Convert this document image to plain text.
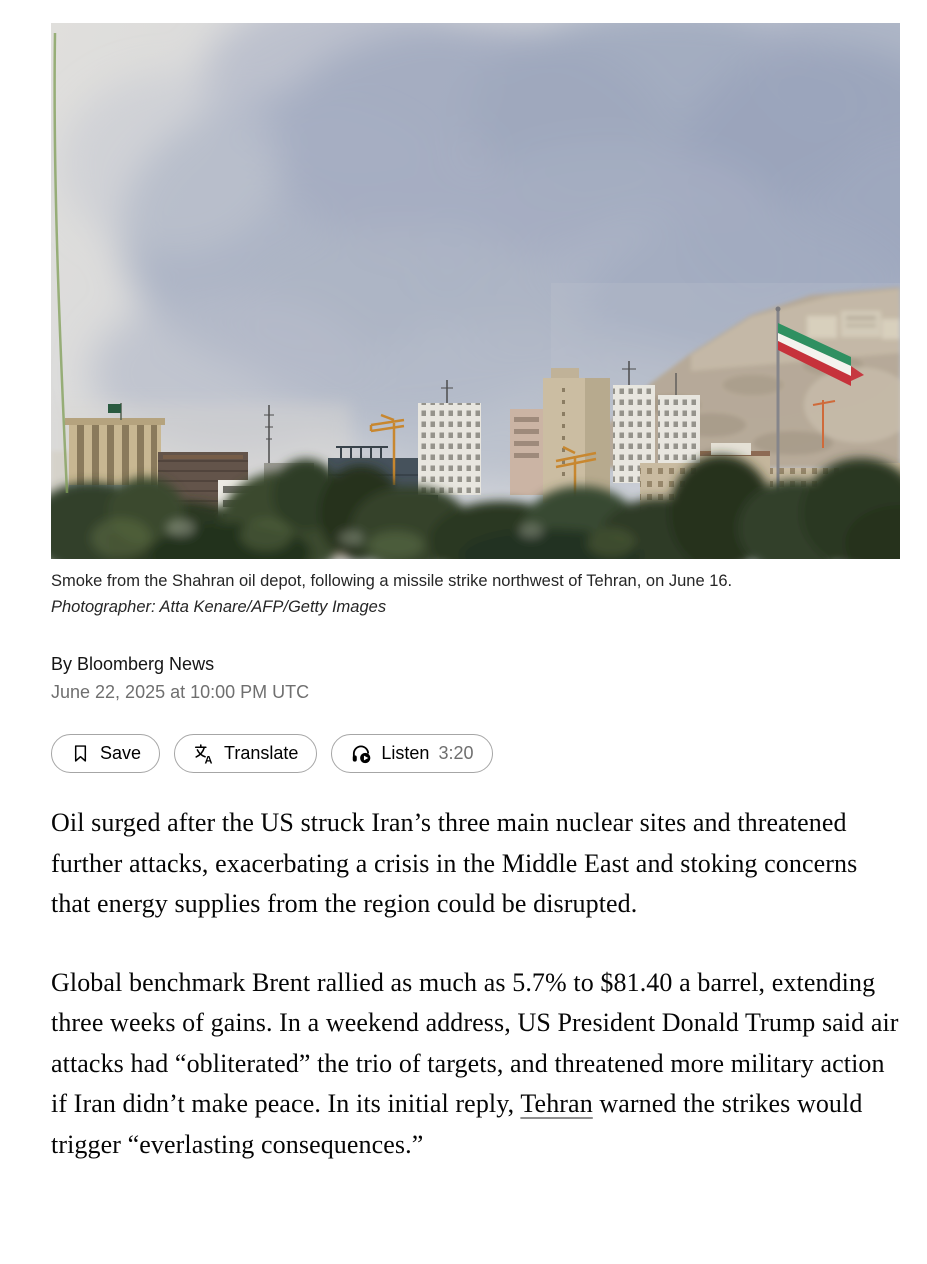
Smoke from the Shahran oil depot, following a missile strike northwest of Tehran, on June 16. Photographer: Atta Kenare/AFP/Getty Images
By Bloomberg News
June 22, 2025 at 10:00 PM UTC
Save	A Translate	Listen 3:20

Oil surged after the US struck Iran’s three main nuclear sites and threatened further attacks, exacerbating a crisis in the Middle East and stoking concerns that energy supplies from the region could be disrupted.

Global benchmark Brent rallied as much as 5.7% to $81.40 a barrel, extending three weeks of gains. In a weekend address, US President Donald Trump said air attacks had “obliterated” the trio of targets, and threatened more military action if Iran didn’t make peace. In its initial reply, Tehran warned the strikes would trigger “everlasting consequences.”
